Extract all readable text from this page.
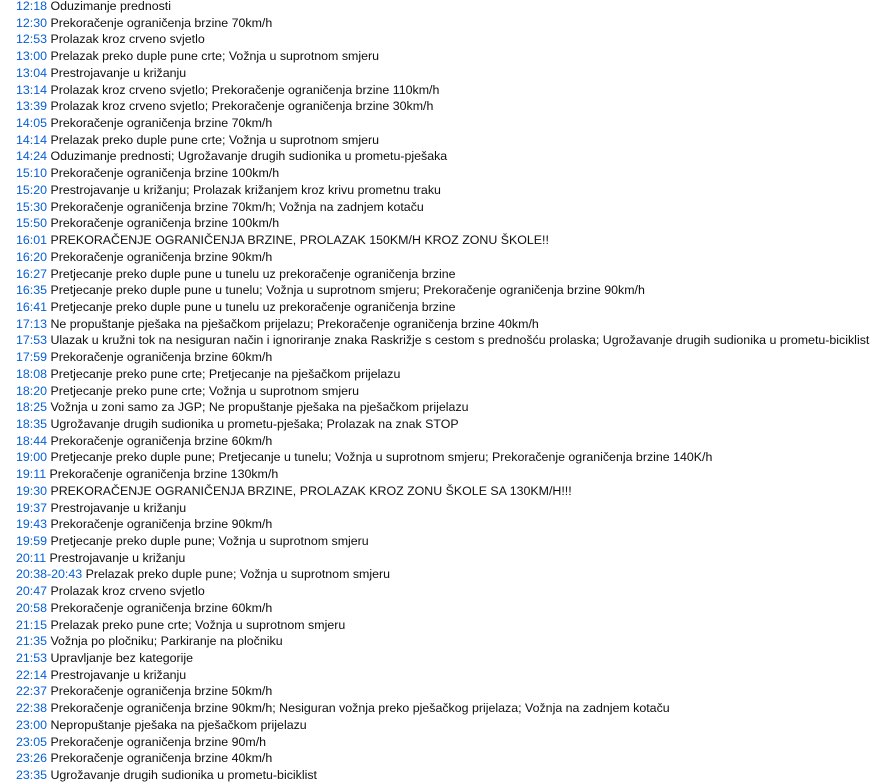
12:18 Oduzimanje prednosti
12:30 Prekoračenje ograničenja brzine 70km/h
12:53 Prolazak kroz crveno svjetlo
13:00 Prelazak preko duple pune crte; Vožnja u suprotnom smjeru
13:04 Prestrojavanje u križanju
13:14 Prolazak kroz crveno svjetlo; Prekoračenje ograničenja brzine 110km/h
13:39 Prolazak kroz crveno svjetlo; Prekoračenje ograničenja brzine 30km/h
14:05 Prekoračenje ograničenja brzine 70km/h
14:14 Prelazak preko duple pune crte; Vožnja u suprotnom smjeru
14:24 Oduzimanje prednosti; Ugrožavanje drugih sudionika u prometu-pješaka
15:10 Prekoračenje ograničenja brzine 100km/h
15:20 Prestrojavanje u križanju; Prolazak križanjem kroz krivu prometnu traku
15:30 Prekoračenje ograničenja brzine 70km/h; Vožnja na zadnjem kotaču
15:50 Prekoračenje ograničenja brzine 100km/h
16:01 PREKORAČENJE OGRANIČENJA BRZINE, PROLAZAK 150KM/H KROZ ZONU ŠKOLE!!
16:20 Prekoračenje ograničenja brzine 90km/h
16:27 Pretjecanje preko duple pune u tunelu uz prekoračenje ograničenja brzine
16:35 Pretjecanje preko duple pune u tunelu; Vožnja u suprotnom smjeru; Prekoračenje ograničenja brzine 90km/h
16:41 Pretjecanje preko duple pune u tunelu uz prekoračenje ograničenja brzine
17:13 Ne propuštanje pješaka na pješačkom prijelazu; Prekoračenje ograničenja brzine 40km/h
17:53 Ulazak u kružni tok na nesiguran način i ignoriranje znaka Raskrižje s cestom s prednošću prolaska; Ugrožavanje drugih sudionika u prometu-biciklist
17:59 Prekoračenje ograničenja brzine 60km/h
18:08 Pretjecanje preko pune crte; Pretjecanje na pješačkom prijelazu
18:20 Pretjecanje preko pune crte; Vožnja u suprotnom smjeru
18:25 Vožnja u zoni samo za JGP; Ne propuštanje pješaka na pješačkom prijelazu
18:35 Ugrožavanje drugih sudionika u prometu-pješaka; Prolazak na znak STOP
18:44 Prekoračenje ograničenja brzine 60km/h
19:00 Pretjecanje preko duple pune; Pretjecanje u tunelu; Vožnja u suprotnom smjeru; Prekoračenje ograničenja brzine 140K/h
19:11 Prekoračenje ograničenja brzine 130km/h
19:30 PREKORAČENJE OGRANIČENJA BRZINE, PROLAZAK KROZ ZONU ŠKOLE SA 130KM/H!!!
19:37 Prestrojavanje u križanju
19:43 Prekoračenje ograničenja brzine 90km/h
19:59 Pretjecanje preko duple pune; Vožnja u suprotnom smjeru
20:11 Prestrojavanje u križanju
20:38-20:43 Prelazak preko duple pune; Vožnja u suprotnom smjeru
20:47 Prolazak kroz crveno svjetlo
20:58 Prekoračenje ograničenja brzine 60km/h
21:15 Prelazak preko pune crte; Vožnja u suprotnom smjeru
21:35 Vožnja po pločniku; Parkiranje na pločniku
21:53 Upravljanje bez kategorije
22:14 Prestrojavanje u križanju
22:37 Prekoračenje ograničenja brzine 50km/h
22:38 Prekoračenje ograničenja brzine 90km/h; Nesiguran vožnja preko pješačkog prijelaza; Vožnja na zadnjem kotaču
23:00 Nepropuštanje pješaka na pješačkom prijelazu
23:05 Prekoračenje ograničenja brzine 90m/h
23:26 Prekoračenje ograničenja brzine 40km/h
23:35 Ugrožavanje drugih sudionika u prometu-biciklist
